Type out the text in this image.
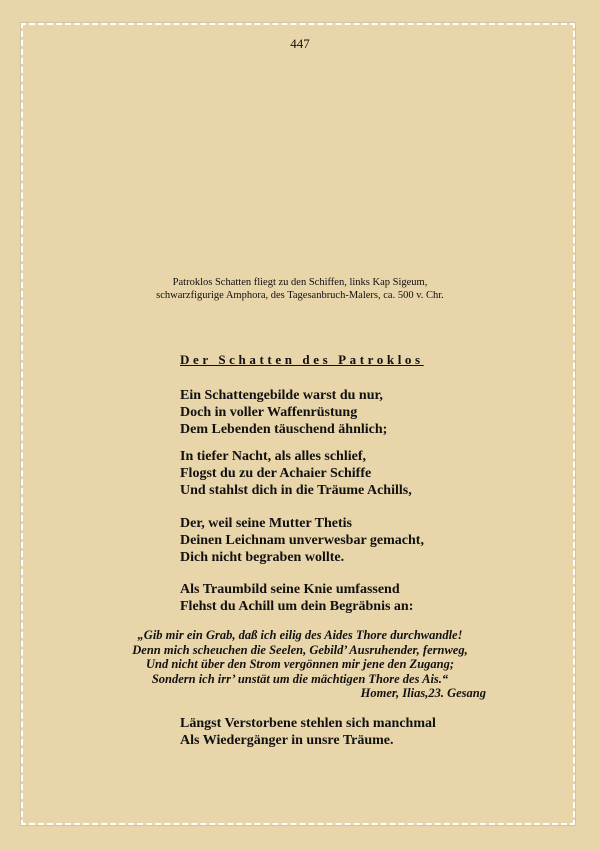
447
Patroklos Schatten fliegt zu den Schiffen, links Kap Sigeum,
schwarzfigurige Amphora, des Tagesanbruch-Malers, ca. 500 v. Chr.
Der Schatten des Patroklos
Ein Schattengebilde warst du nur,
Doch in voller Waffenrüstung
Dem Lebenden täuschend ähnlich;
In tiefer Nacht, als alles schlief,
Flogst du zu der Achaier Schiffe
Und stahlst dich in die Träume Achills,
Der, weil seine Mutter Thetis
Deinen Leichnam unverwesbar gemacht,
Dich nicht begraben wollte.
Als Traumbild seine Knie umfassend
Flehst du Achill um dein Begräbnis an:
„Gib mir ein Grab, daß ich eilig des Aides Thore durchwandle!
Denn mich scheuchen die Seelen, Gebild’ Ausruhender, fernweg,
Und nicht über den Strom vergönnen mir jene den Zugang;
Sondern ich irr’ unstät um die mächtigen Thore des Ais.“
Homer, Ilias,23. Gesang
Längst Verstorbene stehlen sich manchmal
Als Wiedergänger in unsre Träume.
